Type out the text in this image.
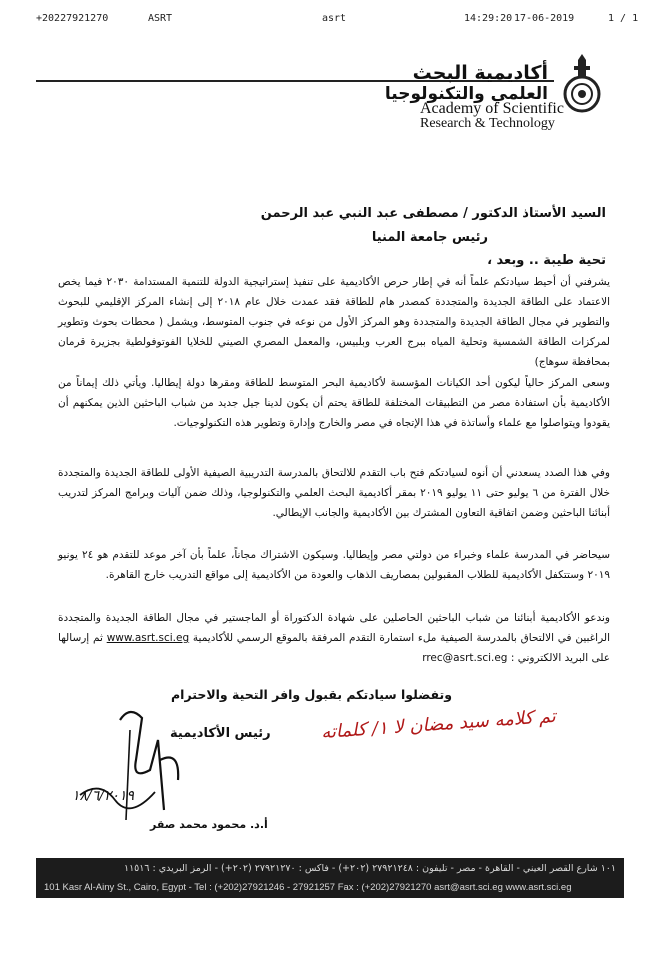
+20227921270	ASRT	asrt	14:29:20 17-06-2019	1 / 1
أكاديمية البحث
العلمي والتكنولوجيا
Academy of Scientific
Research & Technology
السيد الأستاذ الدكتور / مصطفى عبد النبي عبد الرحمن
رئيس جامعة المنيا
تحية طيبة .. وبعد ،
يشرفني أن أحيط سيادتكم علماً أنه في إطار حرص الأكاديمية على تنفيذ إستراتيجية الدولة للتنمية المستدامة ٢٠٣٠ فيما يخص الاعتماد على الطاقة الجديدة والمتجددة كمصدر هام للطاقة فقد عمدت خلال عام ٢٠١٨ إلى إنشاء المركز الإقليمي للبحوث والتطوير في مجال الطاقة الجديدة والمتجددة وهو المركز الأول من نوعه في جنوب المتوسط، ويشمل ( محطات بحوث وتطوير لمركزات الطاقة الشمسية وتحلية المياه ببرج العرب وبلبيس، والمعمل المصري الصيني للخلايا الفوتوفولطية بجزيرة قرمان بمحافظة سوهاج)
وسعى المركز حالياً ليكون أحد الكيانات المؤسسة لأكاديمية البحر المتوسط للطاقة ومقرها دولة إيطاليا. ويأتي ذلك إيماناً من الأكاديمية بأن استفادة مصر من التطبيقات المختلفة للطاقة يحتم أن يكون لدينا جيل جديد من شباب الباحثين الذين يمكنهم أن يقودوا ويتواصلوا مع علماء وأساتذة في هذا الإتجاه في مصر والخارج وإدارة وتطوير هذه التكنولوجيات.
وفي هذا الصدد يسعدني أن أنوه لسيادتكم فتح باب التقدم للالتحاق بالمدرسة التدريبية الصيفية الأولى للطاقة الجديدة والمتجددة خلال الفترة من ٦ يوليو حتى ١١ يوليو ٢٠١٩ بمقر أكاديمية البحث العلمي والتكنولوجيا، وذلك ضمن آليات وبرامج المركز لتدريب أبنائنا الباحثين وضمن اتفاقية التعاون المشترك بين الأكاديمية والجانب الإيطالي.
سيحاضر في المدرسة علماء وخبراء من دولتي مصر وإيطاليا. وسيكون الاشتراك مجاناً، علماً بأن آخر موعد للتقدم هو ٢٤ يونيو ٢٠١٩ وستتكفل الأكاديمية للطلاب المقبولين بمصاريف الذهاب والعودة من الأكاديمية إلى مواقع التدريب خارج القاهرة.
وندعو الأكاديمية أبنائنا من شباب الباحثين الحاصلين على شهادة الدكتوراة أو الماجستير في مجال الطاقة الجديدة والمتجددة الراغبين في الالتحاق بالمدرسة الصيفية ملء استمارة التقدم المرفقة بالموقع الرسمي للأكاديمية www.asrt.sci.eg ثم إرسالها على البريد الالكتروني : rrec@asrt.sci.eg
وتفضلوا سيادتكم بقبول وافر التحية والاحترام
تم كلامه سيد مضان لا ١/ كلماته
رئيس الأكاديمية
أ.د. محمود محمد صقر
١٨/٦/٢٠١٩
١٠١ شارع القصر العيني - القاهرة - مصر - تليفون : ٢٧٩٢١٢٤٨ (٢٠٢+) - فاكس : ٢٧٩٢١٢٧٠ (٢٠٢+) - الرمز البريدي : ١١٥١٦
101 Kasr Al-Ainy St., Cairo, Egypt - Tel : (+202)27921246 - 27921257 Fax : (+202)27921270 asrt@asrt.sci.eg www.asrt.sci.eg
